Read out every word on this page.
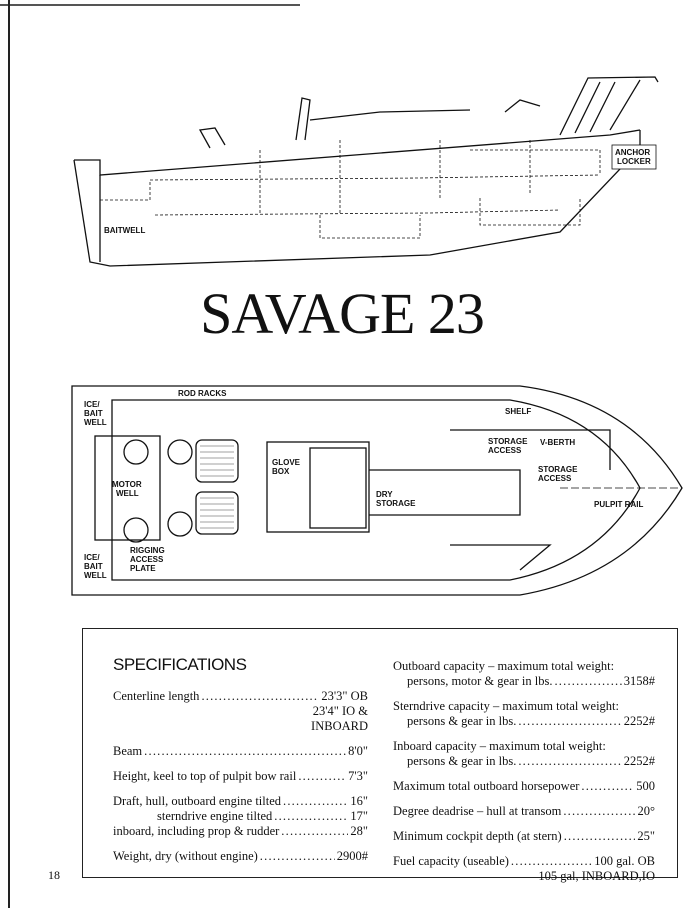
ANCHOR
LOCKER
BAITWELL
SAVAGE 23
ROD RACKS
ICE/
BAIT
WELL
MOTOR
WELL
ICE/
BAIT
WELL
RIGGING
ACCESS
PLATE
GLOVE
BOX
DRY
STORAGE
SHELF
V-BERTH
STORAGE
ACCESS
STORAGE
ACCESS
PULPIT RAIL
SPECIFICATIONS
Centerline length .....	23'3" OB
23'4" IO &
INBOARD
Beam .....	8'0"
Height, keel to top of pulpit bow rail .....	7'3"
Draft, hull, outboard engine tilted .....	16"
sterndrive engine tilted .....	17"
inboard, including prop & rudder .....	28"
Weight, dry (without engine) .....	2900#
Outboard capacity – maximum total weight:
persons, motor & gear in lbs. .....	3158#
Sterndrive capacity – maximum total weight:
persons & gear in lbs. .....	2252#
Inboard capacity – maximum total weight:
persons & gear in lbs. .....	2252#
Maximum total outboard horsepower .....	500
Degree deadrise – hull at transom .....	20°
Minimum cockpit depth (at stern) .....	25"
Fuel capacity (useable) .....	100 gal. OB
105 gal, INBOARD,IO
18
